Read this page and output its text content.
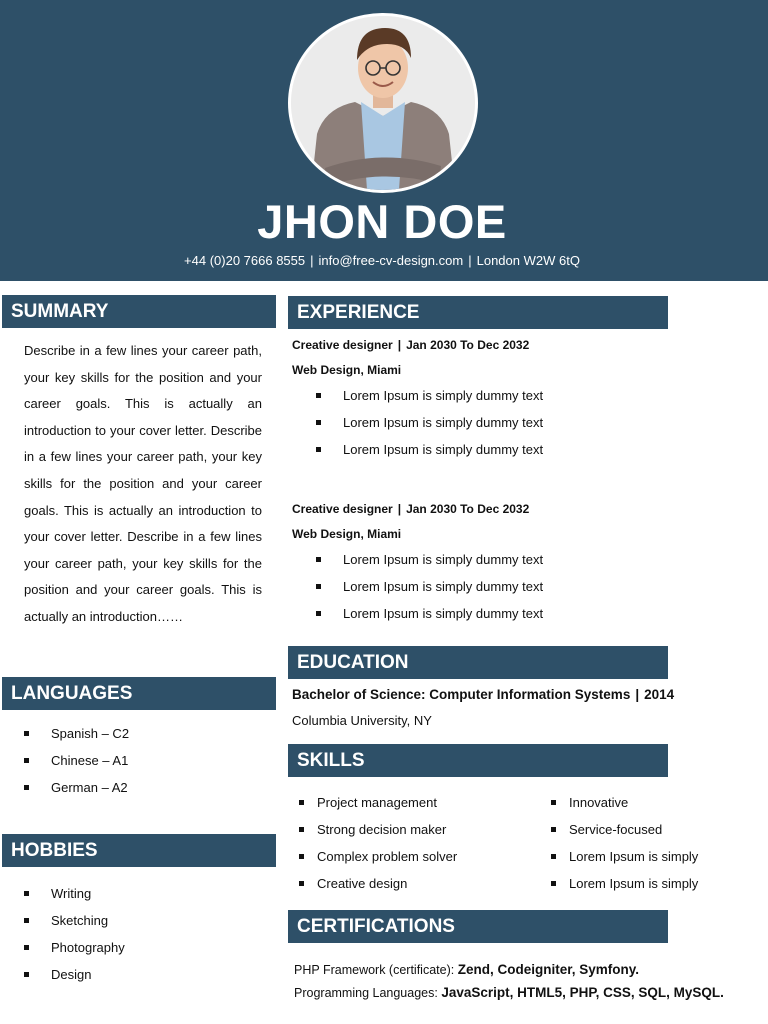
JHON DOE
+44 (0)20 7666 8555 | info@free-cv-design.com | London W2W 6tQ
SUMMARY
Describe in a few lines your career path, your key skills for the position and your career goals. This is actually an introduction to your cover letter. Describe in a few lines your career path, your key skills for the position and your career goals. This is actually an introduction to your cover letter. Describe in a few lines your career path, your key skills for the position and your career goals. This is actually an introduction……
LANGUAGES
Spanish – C2
Chinese – A1
German – A2
HOBBIES
Writing
Sketching
Photography
Design
EXPERIENCE
Creative designer | Jan 2030 To Dec 2032
Web Design, Miami
Lorem Ipsum is simply dummy text
Lorem Ipsum is simply dummy text
Lorem Ipsum is simply dummy text
Creative designer | Jan 2030 To Dec 2032
Web Design, Miami
Lorem Ipsum is simply dummy text
Lorem Ipsum is simply dummy text
Lorem Ipsum is simply dummy text
EDUCATION
Bachelor of Science: Computer Information Systems | 2014
Columbia University, NY
SKILLS
Project management
Strong decision maker
Complex problem solver
Creative design
Innovative
Service-focused
Lorem Ipsum is simply
Lorem Ipsum is simply
CERTIFICATIONS
PHP Framework (certificate): Zend, Codeigniter, Symfony.
Programming Languages: JavaScript, HTML5, PHP, CSS, SQL, MySQL.
